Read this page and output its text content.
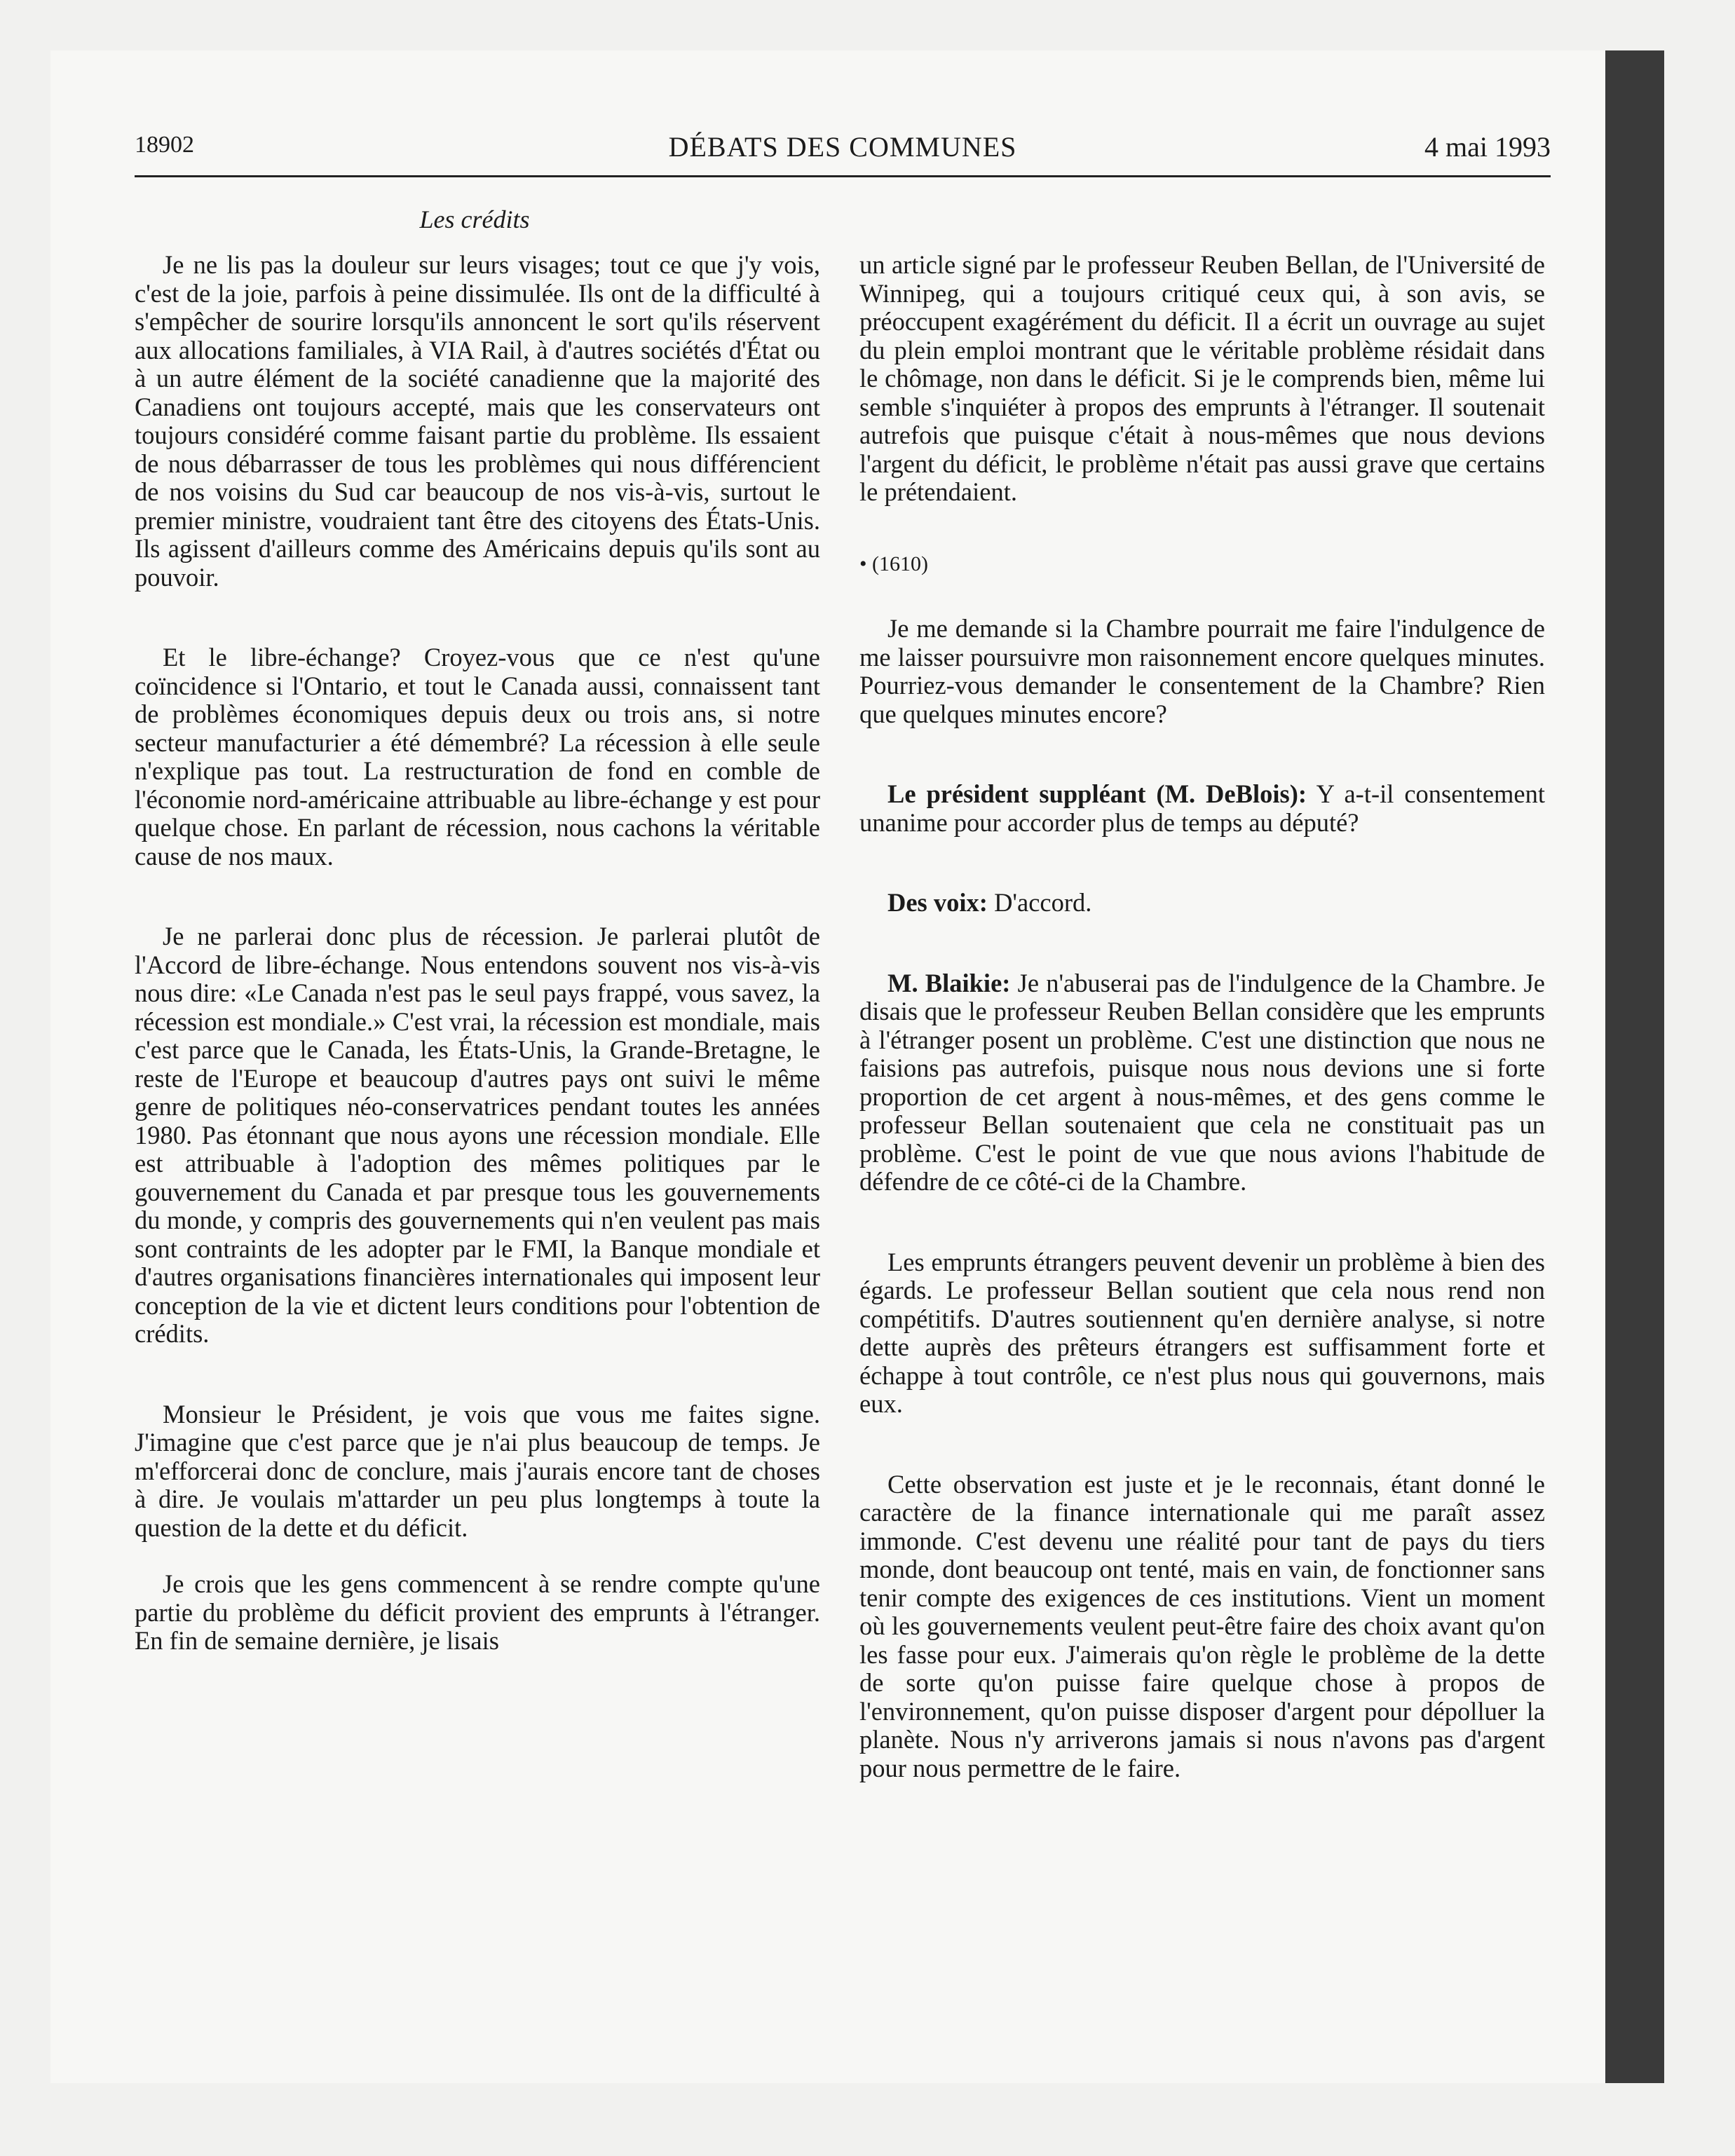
18902	DÉBATS DES COMMUNES	4 mai 1993
Les crédits

Je ne lis pas la douleur sur leurs visages; tout ce que j'y vois, c'est de la joie, parfois à peine dissimulée. Ils ont de la difficulté à s'empêcher de sourire lorsqu'ils annoncent le sort qu'ils réservent aux allocations familiales, à VIA Rail, à d'autres sociétés d'État ou à un autre élément de la société canadienne que la majorité des Canadiens ont toujours accepté, mais que les conservateurs ont toujours considéré comme faisant partie du problème. Ils essaient de nous débarrasser de tous les problèmes qui nous différencient de nos voisins du Sud car beaucoup de nos vis-à-vis, surtout le premier ministre, voudraient tant être des citoyens des États-Unis. Ils agissent d'ailleurs comme des Américains depuis qu'ils sont au pouvoir.

Et le libre-échange? Croyez-vous que ce n'est qu'une coïncidence si l'Ontario, et tout le Canada aussi, connaissent tant de problèmes économiques depuis deux ou trois ans, si notre secteur manufacturier a été démembré? La récession à elle seule n'explique pas tout. La restructuration de fond en comble de l'économie nord-américaine attribuable au libre-échange y est pour quelque chose. En parlant de récession, nous cachons la véritable cause de nos maux.

Je ne parlerai donc plus de récession. Je parlerai plutôt de l'Accord de libre-échange. Nous entendons souvent nos vis-à-vis nous dire: «Le Canada n'est pas le seul pays frappé, vous savez, la récession est mondiale.» C'est vrai, la récession est mondiale, mais c'est parce que le Canada, les États-Unis, la Grande-Bretagne, le reste de l'Europe et beaucoup d'autres pays ont suivi le même genre de politiques néo-conservatrices pendant toutes les années 1980. Pas étonnant que nous ayons une récession mondiale. Elle est attribuable à l'adoption des mêmes politiques par le gouvernement du Canada et par presque tous les gouvernements du monde, y compris des gouvernements qui n'en veulent pas mais sont contraints de les adopter par le FMI, la Banque mondiale et d'autres organisations financières internationales qui imposent leur conception de la vie et dictent leurs conditions pour l'obtention de crédits.

Monsieur le Président, je vois que vous me faites signe. J'imagine que c'est parce que je n'ai plus beaucoup de temps. Je m'efforcerai donc de conclure, mais j'aurais encore tant de choses à dire. Je voulais m'attarder un peu plus longtemps à toute la question de la dette et du déficit.

Je crois que les gens commencent à se rendre compte qu'une partie du problème du déficit provient des emprunts à l'étranger. En fin de semaine dernière, je lisais

un article signé par le professeur Reuben Bellan, de l'Université de Winnipeg, qui a toujours critiqué ceux qui, à son avis, se préoccupent exagérément du déficit. Il a écrit un ouvrage au sujet du plein emploi montrant que le véritable problème résidait dans le chômage, non dans le déficit. Si je le comprends bien, même lui semble s'inquiéter à propos des emprunts à l'étranger. Il soutenait autrefois que puisque c'était à nous-mêmes que nous devions l'argent du déficit, le problème n'était pas aussi grave que certains le prétendaient.

• (1610)

Je me demande si la Chambre pourrait me faire l'indulgence de me laisser poursuivre mon raisonnement encore quelques minutes. Pourriez-vous demander le consentement de la Chambre? Rien que quelques minutes encore?

Le président suppléant (M. DeBlois): Y a-t-il consentement unanime pour accorder plus de temps au député?

Des voix: D'accord.

M. Blaikie: Je n'abuserai pas de l'indulgence de la Chambre. Je disais que le professeur Reuben Bellan considère que les emprunts à l'étranger posent un problème. C'est une distinction que nous ne faisions pas autrefois, puisque nous nous devions une si forte proportion de cet argent à nous-mêmes, et des gens comme le professeur Bellan soutenaient que cela ne constituait pas un problème. C'est le point de vue que nous avions l'habitude de défendre de ce côté-ci de la Chambre.

Les emprunts étrangers peuvent devenir un problème à bien des égards. Le professeur Bellan soutient que cela nous rend non compétitifs. D'autres soutiennent qu'en dernière analyse, si notre dette auprès des prêteurs étrangers est suffisamment forte et échappe à tout contrôle, ce n'est plus nous qui gouvernons, mais eux.

Cette observation est juste et je le reconnais, étant donné le caractère de la finance internationale qui me paraît assez immonde. C'est devenu une réalité pour tant de pays du tiers monde, dont beaucoup ont tenté, mais en vain, de fonctionner sans tenir compte des exigences de ces institutions. Vient un moment où les gouvernements veulent peut-être faire des choix avant qu'on les fasse pour eux. J'aimerais qu'on règle le problème de la dette de sorte qu'on puisse faire quelque chose à propos de l'environnement, qu'on puisse disposer d'argent pour dépolluer la planète. Nous n'y arriverons jamais si nous n'avons pas d'argent pour nous permettre de le faire.
